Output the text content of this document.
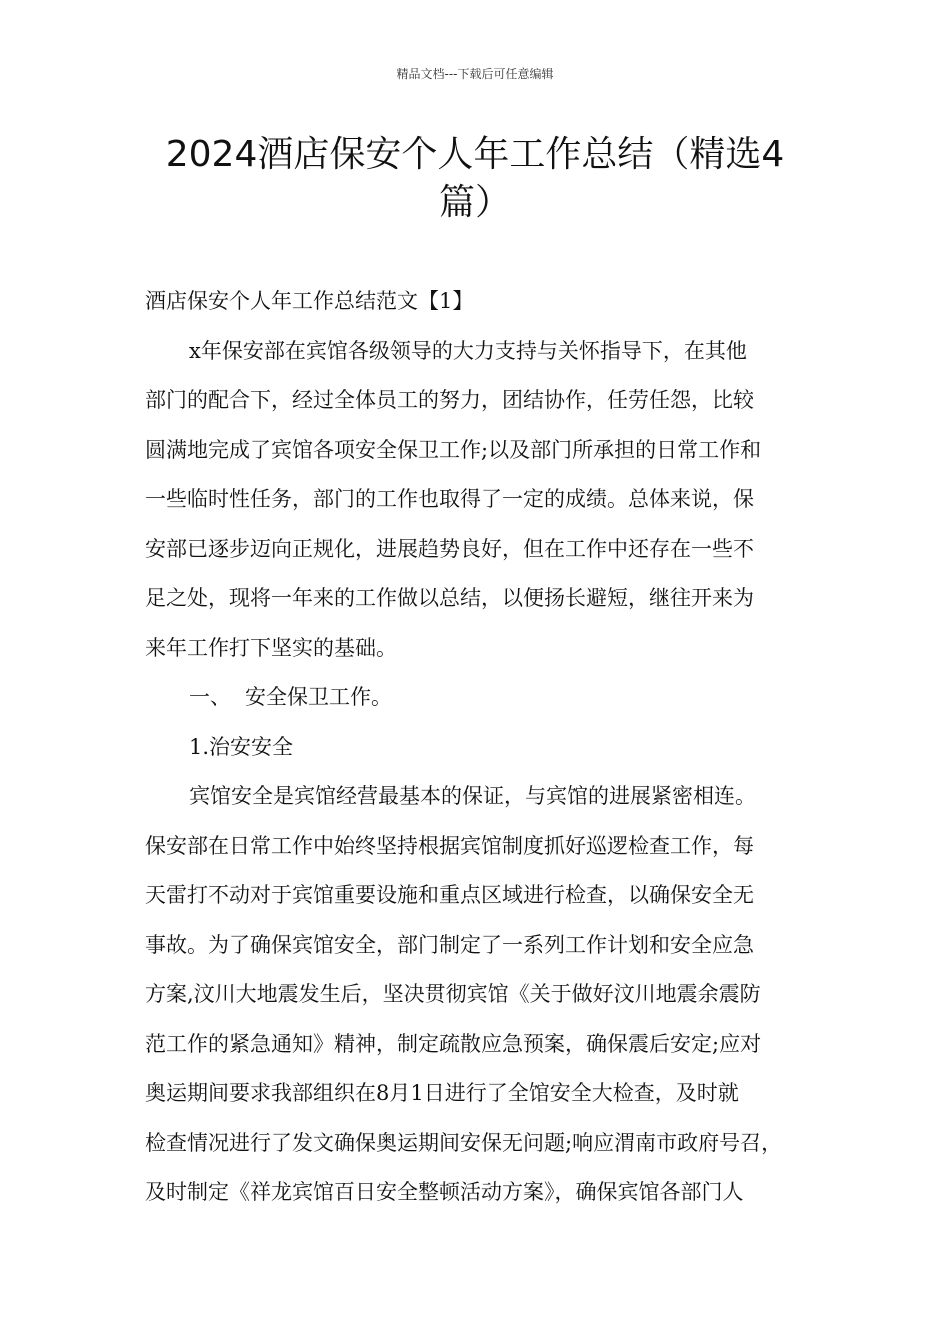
精品文档---下载后可任意编辑
2024酒店保安个人年工作总结（精选4
篇）
酒店保安个人年工作总结范文【1】
x年保安部在宾馆各级领导的大力支持与关怀指导下，在其他
部门的配合下，经过全体员工的努力，团结协作，任劳任怨，比较
圆满地完成了宾馆各项安全保卫工作;以及部门所承担的日常工作和
一些临时性任务，部门的工作也取得了一定的成绩。总体来说，保
安部已逐步迈向正规化，进展趋势良好，但在工作中还存在一些不
足之处，现将一年来的工作做以总结，以便扬长避短，继往开来为
来年工作打下坚实的基础。
一、 安全保卫工作。
1.治安安全
宾馆安全是宾馆经营最基本的保证，与宾馆的进展紧密相连。
保安部在日常工作中始终坚持根据宾馆制度抓好巡逻检查工作，每
天雷打不动对于宾馆重要设施和重点区域进行检查，以确保安全无
事故。为了确保宾馆安全，部门制定了一系列工作计划和安全应急
方案,汶川大地震发生后，坚决贯彻宾馆《关于做好汶川地震余震防
范工作的紧急通知》精神，制定疏散应急预案，确保震后安定;应对
奥运期间要求我部组织在8月1日进行了全馆安全大检查，及时就
检查情况进行了发文确保奥运期间安保无问题;响应渭南市政府号召，
及时制定《祥龙宾馆百日安全整顿活动方案》，确保宾馆各部门人
